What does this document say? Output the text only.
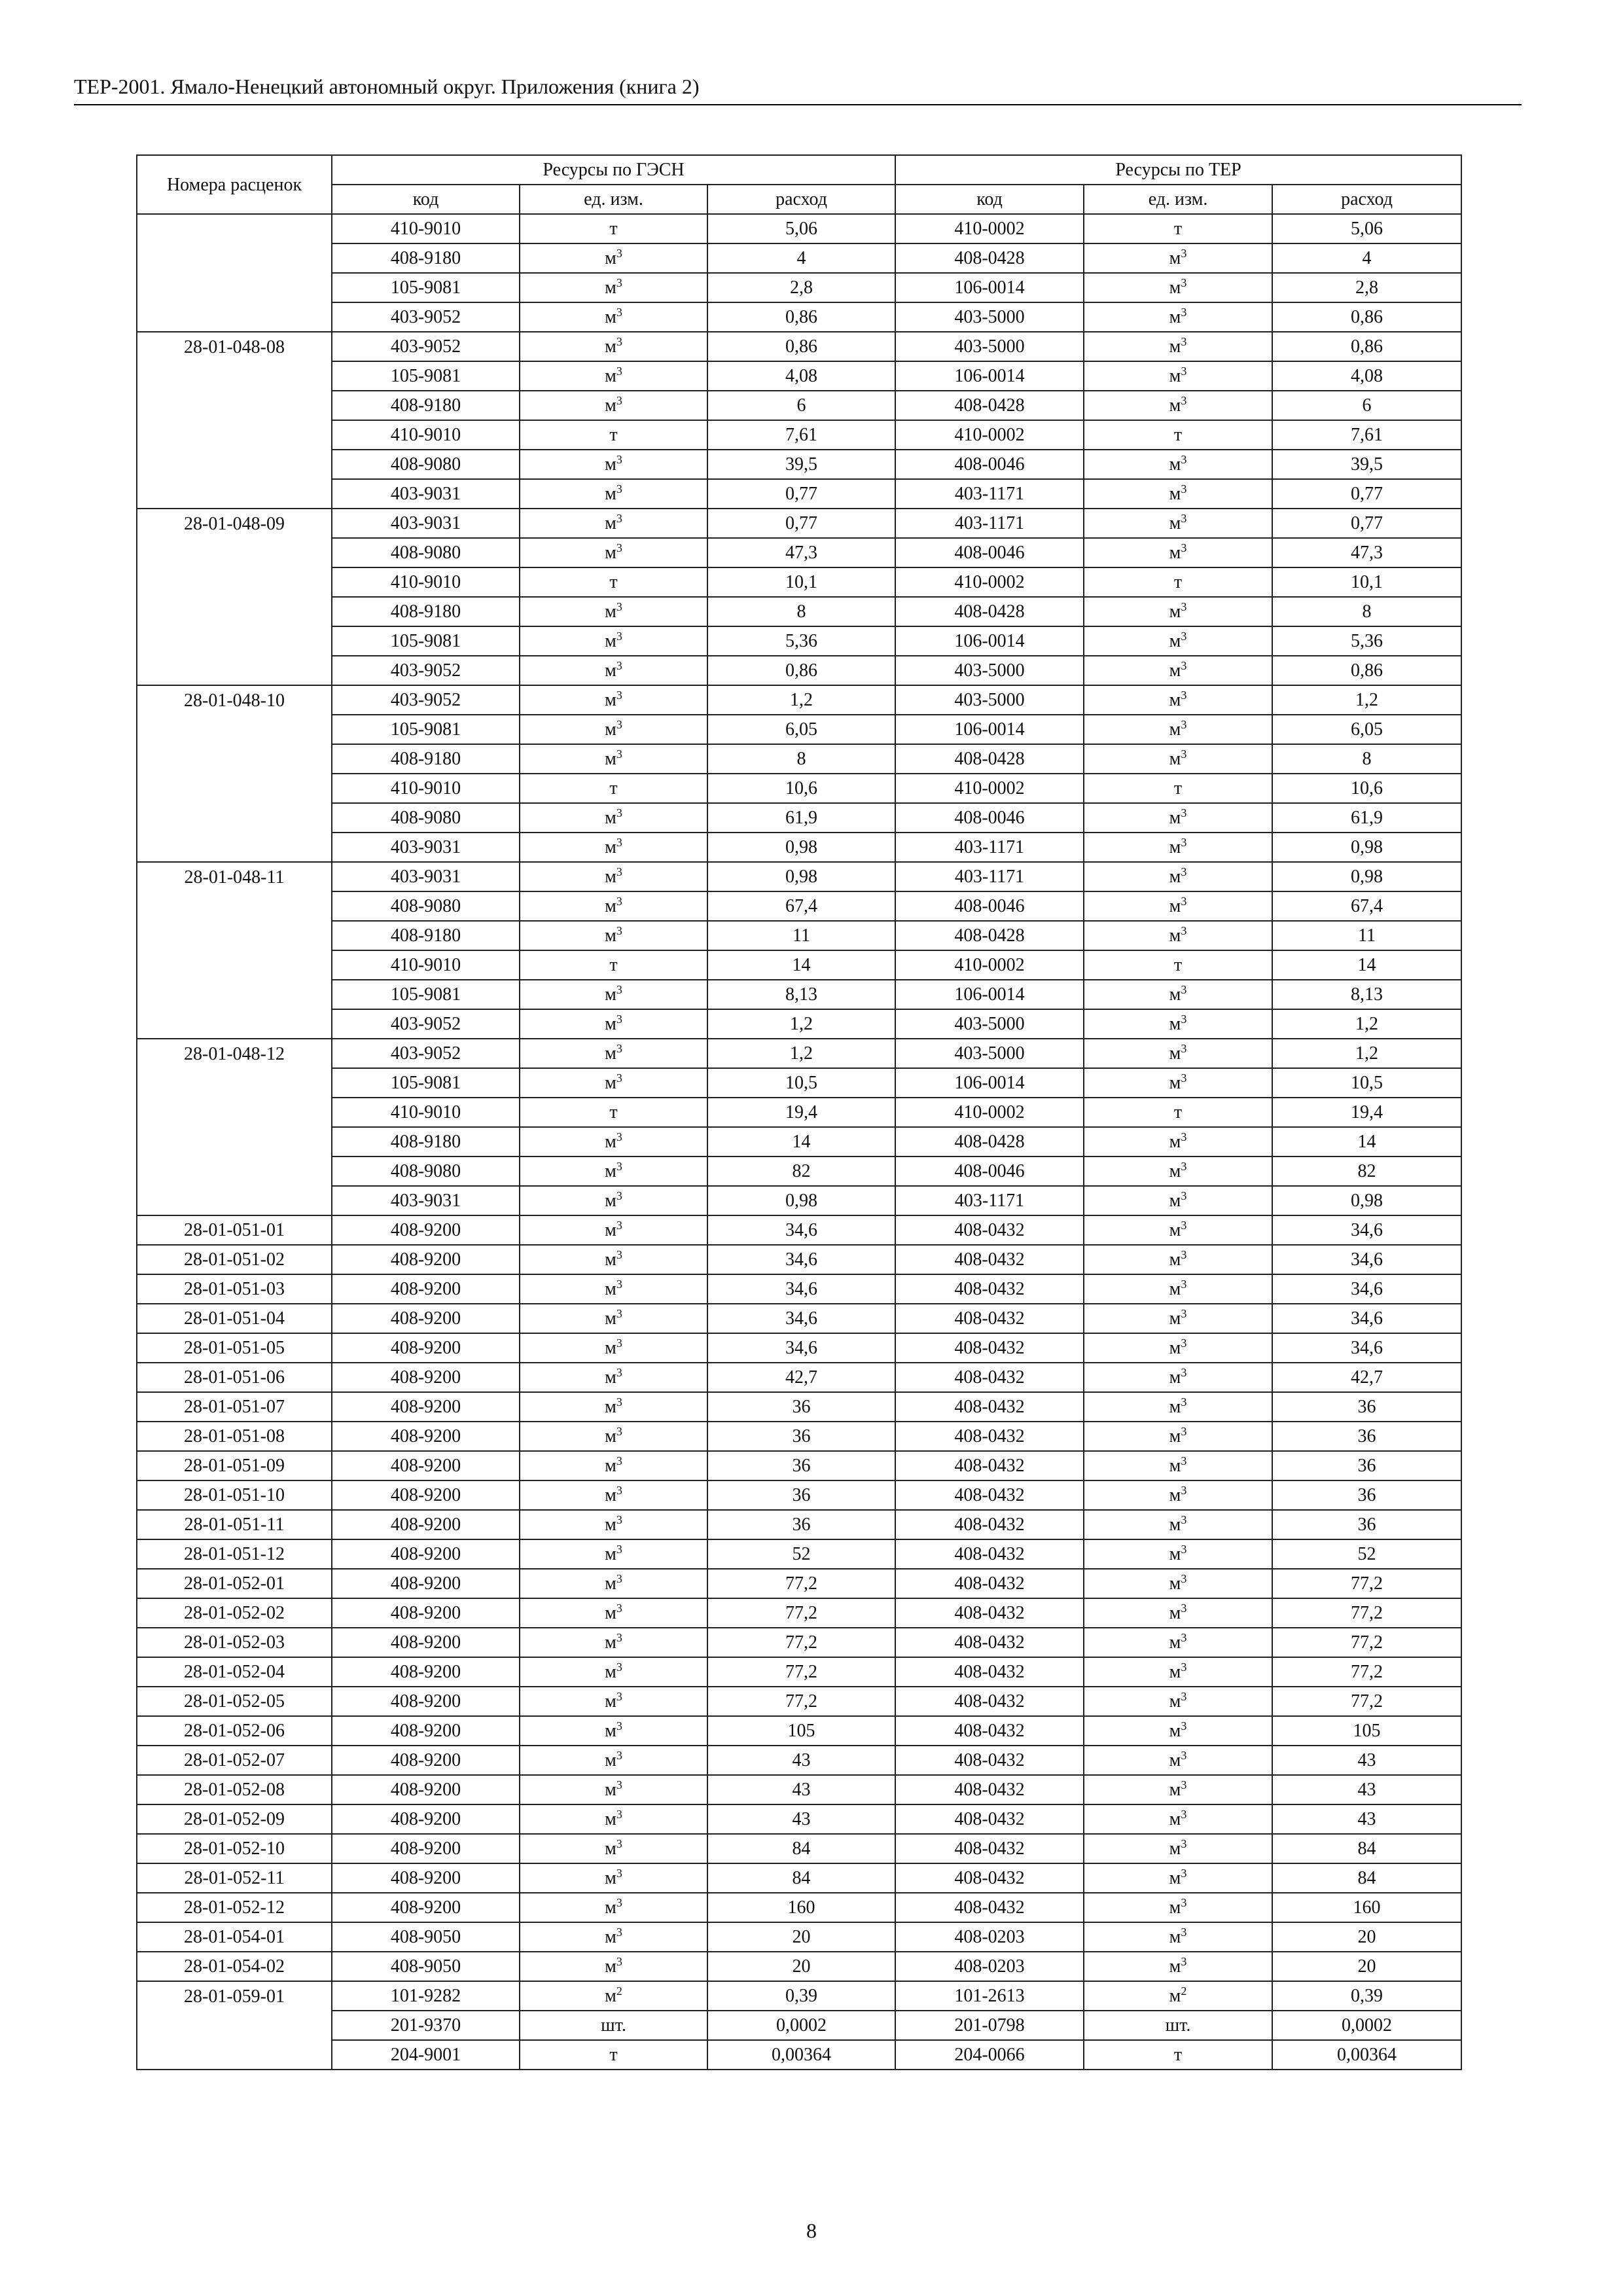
ТЕР-2001. Ямало-Ненецкий автономный округ. Приложения (книга 2)
Номера расценок	Ресурсы по ГЭСН			Ресурсы по ТЕР		
	код	ед. изм.	расход	код	ед. изм.	расход
	410-9010	т	5,06	410-0002	т	5,06
	408-9180	$м^3$	4	408-0428	$м^3$	4
	105-9081	$м^3$	2,8	106-0014	$м^3$	2,8
	403-9052	$м^3$	0,86	403-5000	$м^3$	0,86
28-01-048-08	403-9052	$м^3$	0,86	403-5000	$м^3$	0,86
	105-9081	$м^3$	4,08	106-0014	$м^3$	4,08
	408-9180	$м^3$	6	408-0428	$м^3$	6
	410-9010	т	7,61	410-0002	т	7,61
	408-9080	$м^3$	39,5	408-0046	$м^3$	39,5
	403-9031	$м^3$	0,77	403-1171	$м^3$	0,77
28-01-048-09	403-9031	$м^3$	0,77	403-1171	$м^3$	0,77
	408-9080	$м^3$	47,3	408-0046	$м^3$	47,3
	410-9010	т	10,1	410-0002	т	10,1
	408-9180	$м^3$	8	408-0428	$м^3$	8
	105-9081	$м^3$	5,36	106-0014	$м^3$	5,36
	403-9052	$м^3$	0,86	403-5000	$м^3$	0,86
28-01-048-10	403-9052	$м^3$	1,2	403-5000	$м^3$	1,2
	105-9081	$м^3$	6,05	106-0014	$м^3$	6,05
	408-9180	$м^3$	8	408-0428	$м^3$	8
	410-9010	т	10,6	410-0002	т	10,6
	408-9080	$м^3$	61,9	408-0046	$м^3$	61,9
	403-9031	$м^3$	0,98	403-1171	$м^3$	0,98
28-01-048-11	403-9031	$м^3$	0,98	403-1171	$м^3$	0,98
	408-9080	$м^3$	67,4	408-0046	$м^3$	67,4
	408-9180	$м^3$	11	408-0428	$м^3$	11
	410-9010	т	14	410-0002	т	14
	105-9081	$м^3$	8,13	106-0014	$м^3$	8,13
	403-9052	$м^3$	1,2	403-5000	$м^3$	1,2
28-01-048-12	403-9052	$м^3$	1,2	403-5000	$м^3$	1,2
	105-9081	$м^3$	10,5	106-0014	$м^3$	10,5
	410-9010	т	19,4	410-0002	т	19,4
	408-9180	$м^3$	14	408-0428	$м^3$	14
	408-9080	$м^3$	82	408-0046	$м^3$	82
	403-9031	$м^3$	0,98	403-1171	$м^3$	0,98
28-01-051-01	408-9200	$м^3$	34,6	408-0432	$м^3$	34,6
28-01-051-02	408-9200	$м^3$	34,6	408-0432	$м^3$	34,6
28-01-051-03	408-9200	$м^3$	34,6	408-0432	$м^3$	34,6
28-01-051-04	408-9200	$м^3$	34,6	408-0432	$м^3$	34,6
28-01-051-05	408-9200	$м^3$	34,6	408-0432	$м^3$	34,6
28-01-051-06	408-9200	$м^3$	42,7	408-0432	$м^3$	42,7
28-01-051-07	408-9200	$м^3$	36	408-0432	$м^3$	36
28-01-051-08	408-9200	$м^3$	36	408-0432	$м^3$	36
28-01-051-09	408-9200	$м^3$	36	408-0432	$м^3$	36
28-01-051-10	408-9200	$м^3$	36	408-0432	$м^3$	36
28-01-051-11	408-9200	$м^3$	36	408-0432	$м^3$	36
28-01-051-12	408-9200	$м^3$	52	408-0432	$м^3$	52
28-01-052-01	408-9200	$м^3$	77,2	408-0432	$м^3$	77,2
28-01-052-02	408-9200	$м^3$	77,2	408-0432	$м^3$	77,2
28-01-052-03	408-9200	$м^3$	77,2	408-0432	$м^3$	77,2
28-01-052-04	408-9200	$м^3$	77,2	408-0432	$м^3$	77,2
28-01-052-05	408-9200	$м^3$	77,2	408-0432	$м^3$	77,2
28-01-052-06	408-9200	$м^3$	105	408-0432	$м^3$	105
28-01-052-07	408-9200	$м^3$	43	408-0432	$м^3$	43
28-01-052-08	408-9200	$м^3$	43	408-0432	$м^3$	43
28-01-052-09	408-9200	$м^3$	43	408-0432	$м^3$	43
28-01-052-10	408-9200	$м^3$	84	408-0432	$м^3$	84
28-01-052-11	408-9200	$м^3$	84	408-0432	$м^3$	84
28-01-052-12	408-9200	$м^3$	160	408-0432	$м^3$	160
28-01-054-01	408-9050	$м^3$	20	408-0203	$м^3$	20
28-01-054-02	408-9050	$м^3$	20	408-0203	$м^3$	20
28-01-059-01	101-9282	$м^2$	0,39	101-2613	$м^2$	0,39
	201-9370	шт.	0,0002	201-0798	шт.	0,0002
	204-9001	т	0,00364	204-0066	т	0,00364
8
